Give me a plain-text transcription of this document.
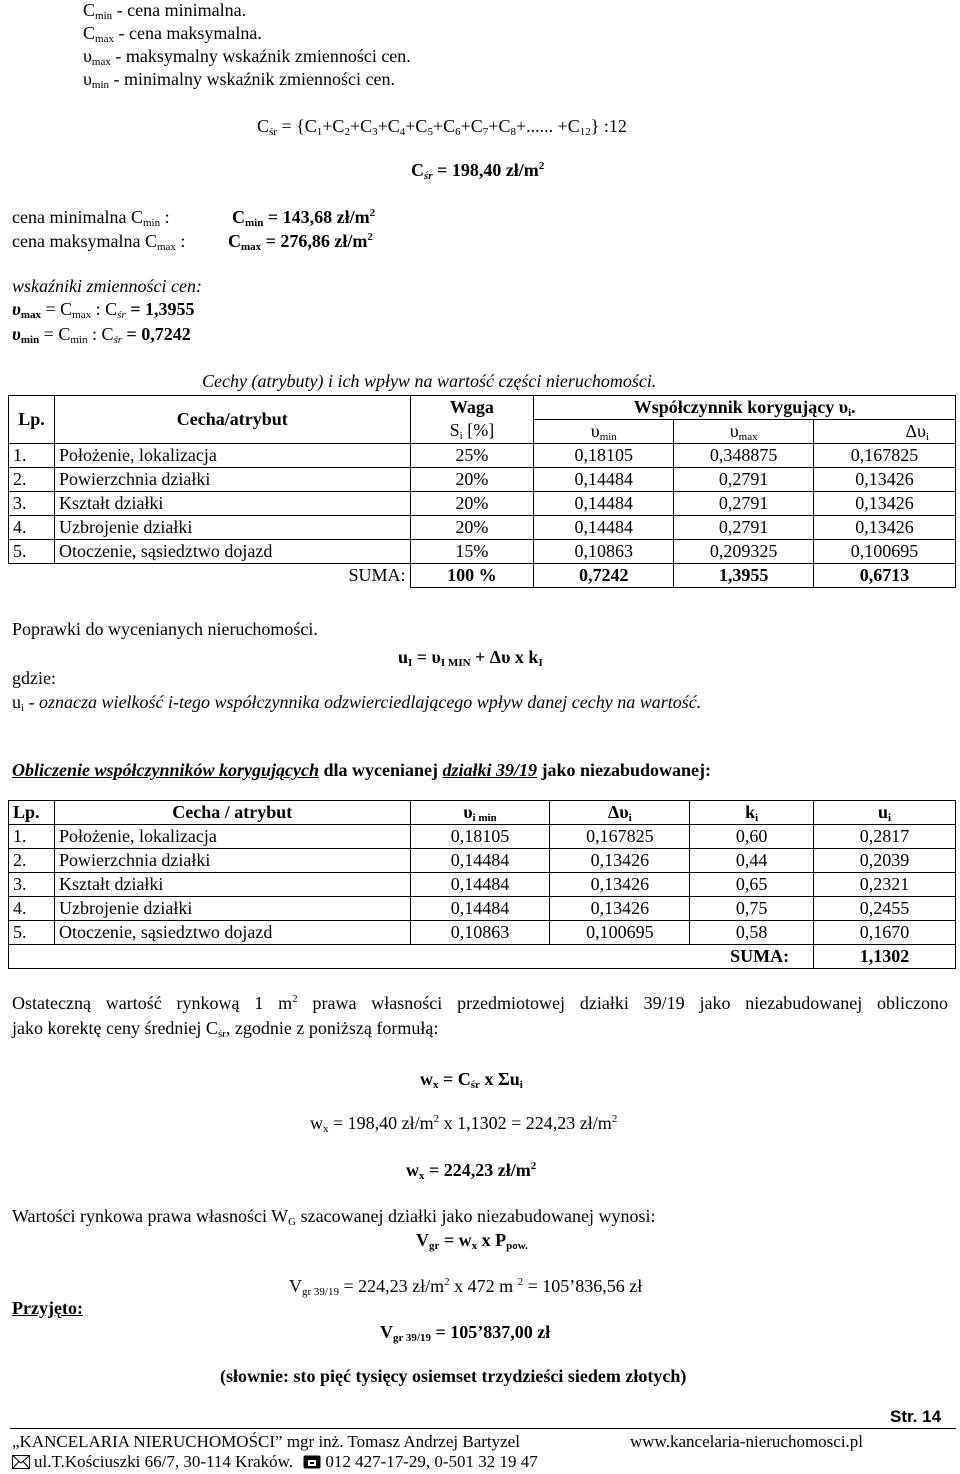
$C_{min}$ - cena minimalna.
$C_{max}$ - cena maksymalna.
$\upsilon_{max}$ - maksymalny wskaźnik zmienności cen.
$\upsilon_{min}$ - minimalny wskaźnik zmienności cen.
$C_{śr} = \{C_1+C_2+C_3+C_4+C_5+C_6+C_7+C_8+$...... $+C_{12}$} :12
$C_{śr} = 198,40$ $zł/m^2$
cena minimalna $C_{min}$ :	$C_{min} = 143,68$ $zł/m^2$
cena maksymalna $C_{max}$ : $C_{max} = 276,86$ $zł/m^2$
wskaźniki zmienności cen:
$\upsilon_{max} = C_{max}$ : $C_{śr} = 1,3955$
$\upsilon_{min} = C_{min}$ : $C_{śr} = 0,7242$
Cechy (atrybuty) i ich wpływ na wartość części nieruchomości.
Lp.	Cecha/atrybut	Waga	Współczynnik korygujący $\upsilon_i$.		
		$S_i$ [%]	$\upsilon_{min}$	$\upsilon_{max}$	$\Delta\upsilon_i$
1.	Położenie, lokalizacja	25%	0,18105	0,348875	0,167825
2.	Powierzchnia działki	20%	0,14484	0,2791	0,13426
3.	Kształt działki	20%	0,14484	0,2791	0,13426
4.	Uzbrojenie działki	20%	0,14484	0,2791	0,13426
5.	Otoczenie, sąsiedztwo dojazd	15%	0,10863	0,209325	0,100695
	SUMA:	100 %	0,7242	1,3955	0,6713
Poprawki do wycenianych nieruchomości.
$u_I = \upsilon_{I MIN} + \Delta\upsilon$ x $k_I$
gdzie:
$u_i$ - oznacza wielkość i-tego współczynnika odzwierciedlającego wpływ danej cechy na wartość.
Obliczenie współczynników korygujących dla wycenianej działki 39/19 jako niezabudowanej:
Lp.	Cecha / atrybut	$\upsilon_{i min}$	$\Delta\upsilon_i$	$k_i$	$u_i$
1.	Położenie, lokalizacja	0,18105	0,167825	0,60	0,2817
2.	Powierzchnia działki	0,14484	0,13426	0,44	0,2039
3.	Kształt działki	0,14484	0,13426	0,65	0,2321
4.	Uzbrojenie działki	0,14484	0,13426	0,75	0,2455
5.	Otoczenie, sąsiedztwo dojazd	0,10863	0,100695	0,58	0,1670
SUMA:					1,1302
Ostateczną wartość rynkową 1 $m^2$ prawa własności przedmiotowej działki 39/19 jako niezabudowanej obliczono
jako korektę ceny średniej $C_{śr}$, zgodnie z poniższą formułą:
$w_x = C_{śr}$ x $\Sigma u_i$
$w_x = 198,40$ $zł/m^2$ x 1,1302 = 224,23 $zł/m^2$
$w_x = 224,23$ $zł/m^2$
Wartości rynkowa prawa własności $W_G$ szacowanej działki jako niezabudowanej wynosi:
$V_{gr} = w_x$ x $P_{pow.}$
$V_{gr 39/19} = 224,23$ $zł/m^2$ x 472 m $^2$ = 105’836,56 zł
Przyjęto:
$V_{gr 39/19}$ = 105’837,00 zł
(słownie: sto pięć tysięcy osiemset trzydzieści siedem złotych)
Str. 14
„KANCELARIA NIERUCHOMOŚCI” mgr inż. Tomasz Andrzej Bartyzel	www.kancelaria-nieruchomosci.pl
ul.T.Kościuszki 66/7, 30-114 Kraków. 012 427-17-29, 0-501 32 19 47
